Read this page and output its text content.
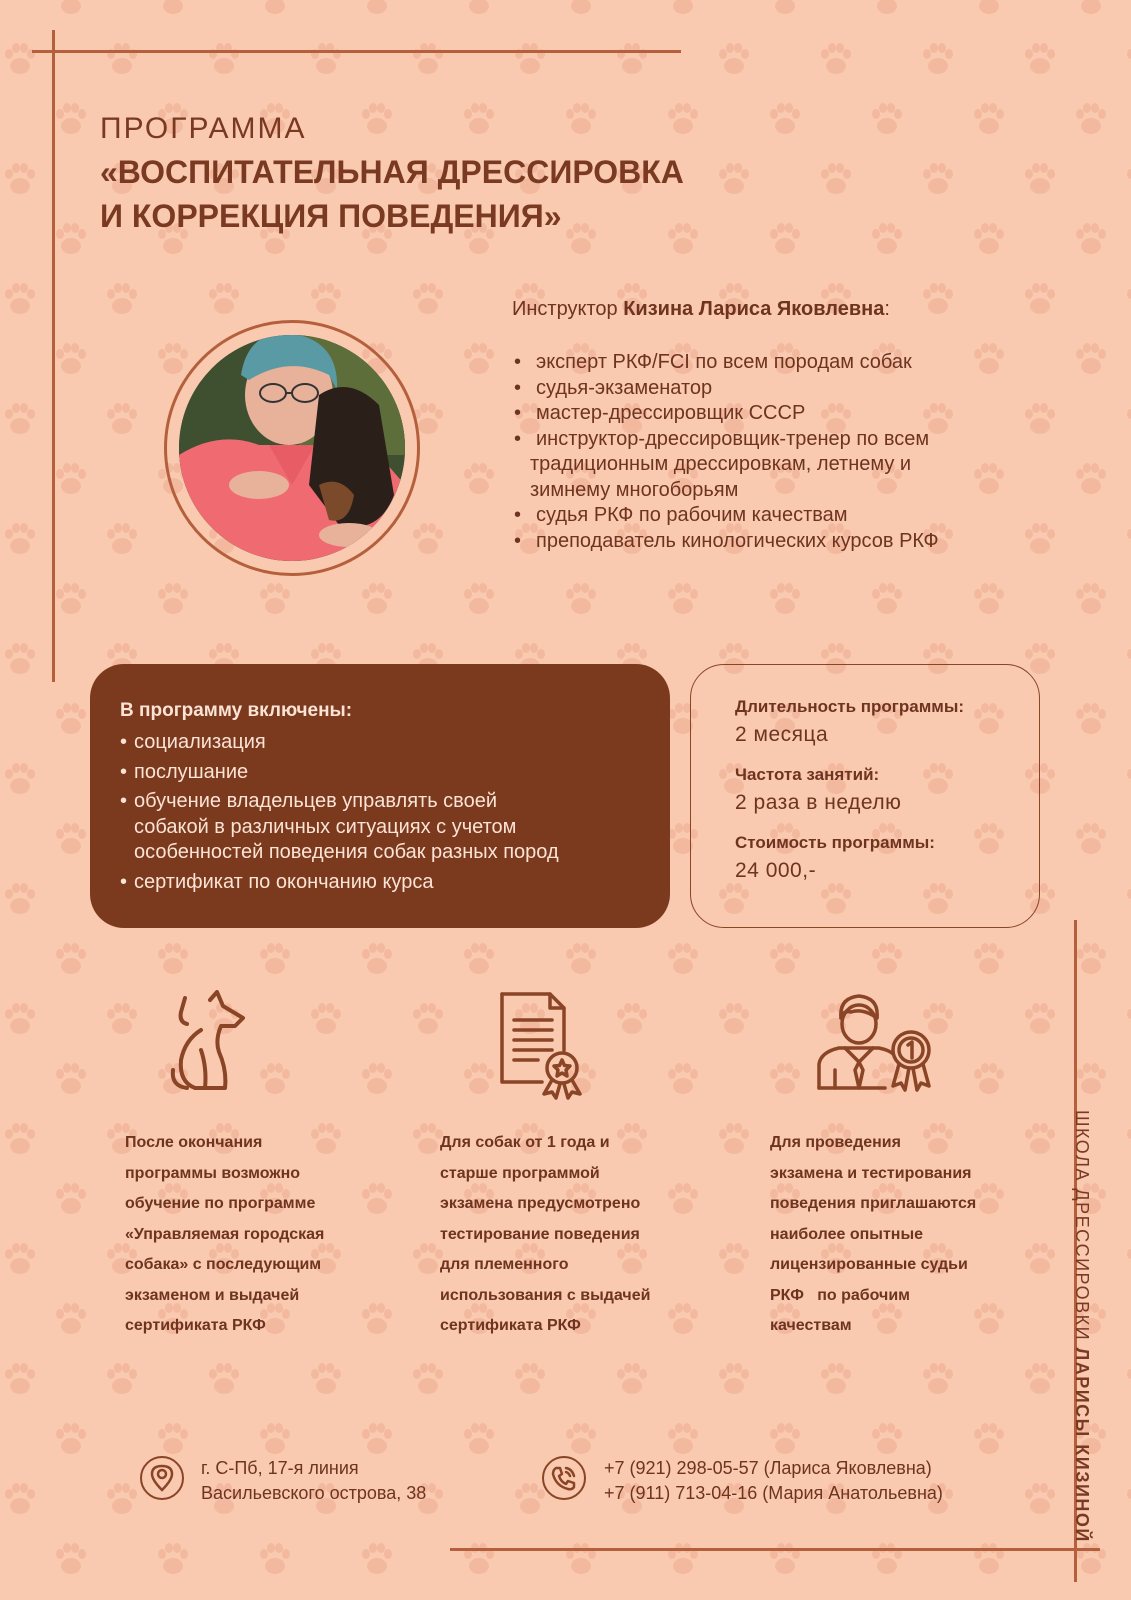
ПРОГРАММА
«ВОСПИТАТЕЛЬНАЯ ДРЕССИРОВКА
И КОРРЕКЦИЯ ПОВЕДЕНИЯ»
Инструктор Кизина Лариса Яковлевна:
• эксперт РКФ/FCI по всем породам собак
• судья-экзаменатор
• мастер-дрессировщик СССР
• инструктор-дрессировщик-тренер по всем
традиционным дрессировкам, летнему и
зимнему многоборьям
• судья РКФ по рабочим качествам
• преподаватель кинологических курсов РКФ
В программу включены:
• социализация
• послушание
• обучение владельцев управлять своей
собакой в различных ситуациях с учетом
особенностей поведения собак разных пород
• сертификат по окончанию курса
Длительность программы:
2 месяца
Частота занятий:
2 раза в неделю
Стоимость программы:
24 000,-
После окончания
программы возможно
обучение по программе
«Управляемая городская
собака» с последующим
экзаменом и выдачей
сертификата РКФ
Для собак от 1 года и
старше программой
экзамена предусмотрено
тестирование поведения
для племенного
использования с выдачей
сертификата РКФ
Для проведения
экзамена и тестирования
поведения приглашаются
наиболее опытные
лицензированные судьи
РКФ   по рабочим
качествам	ШКОЛА ДРЕССИРОВКИ ЛАРИСЫ КИЗИНОЙ
г. С-Пб, 17-я линия
Васильевского острова, 38
+7 (921) 298-05-57 (Лариса Яковлевна)
+7 (911) 713-04-16 (Мария Анатольевна)
